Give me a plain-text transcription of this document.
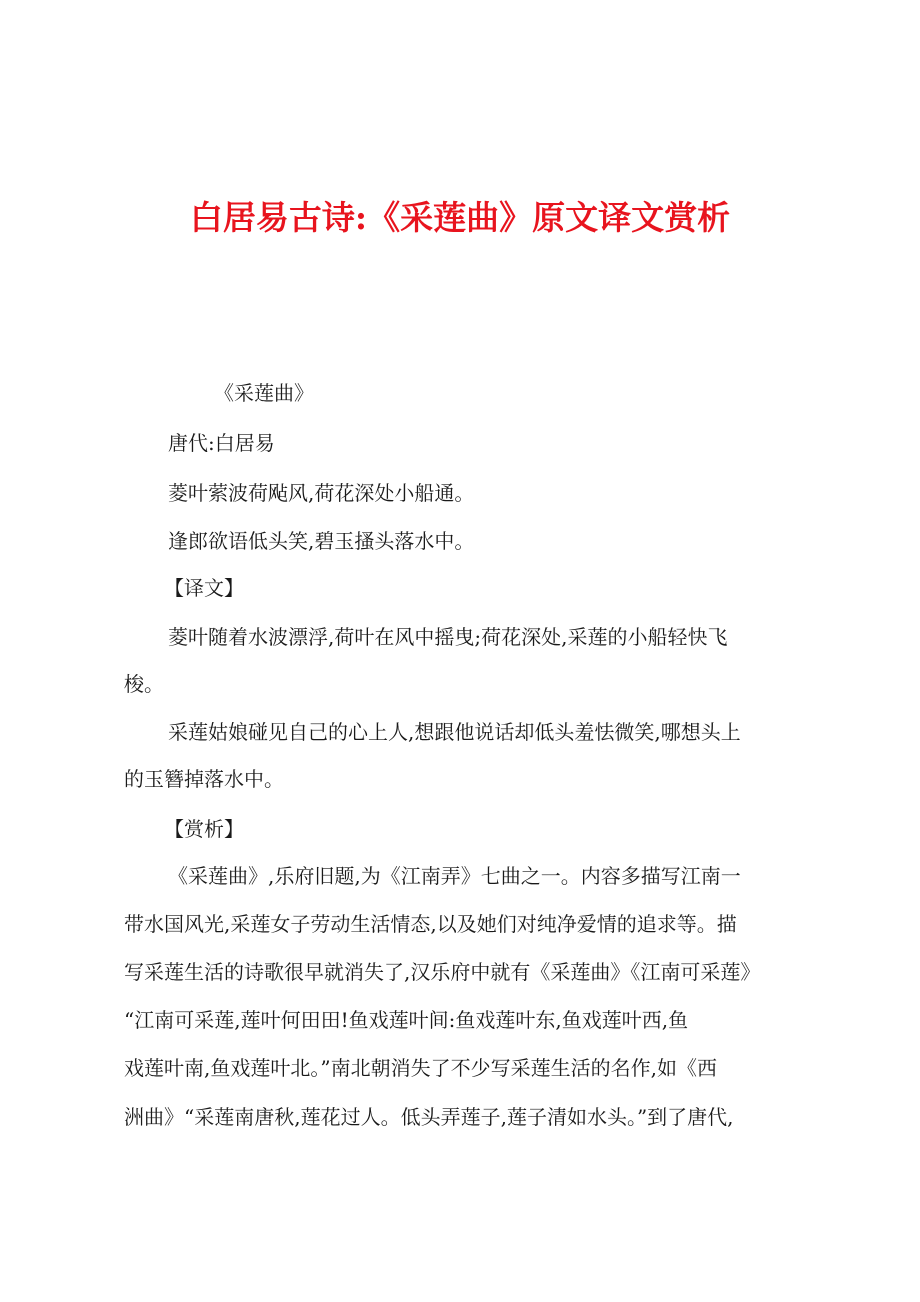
白居易古诗:《采莲曲》原文译文赏析
《采莲曲》
唐代:白居易
菱叶萦波荷飐风,荷花深处小船通。
逢郎欲语低头笑,碧玉搔头落水中。
【译文】
菱叶随着水波漂浮,荷叶在风中摇曳;荷花深处,采莲的小船轻快飞
梭。
采莲姑娘碰见自己的心上人,想跟他说话却低头羞怯微笑,哪想头上
的玉簪掉落水中。
【赏析】
《采莲曲》,乐府旧题,为《江南弄》七曲之一。内容多描写江南一
带水国风光,采莲女子劳动生活情态,以及她们对纯净爱情的追求等。描
写采莲生活的诗歌很早就消失了,汉乐府中就有《采莲曲》《江南可采莲》
“江南可采莲,莲叶何田田!鱼戏莲叶间:鱼戏莲叶东,鱼戏莲叶西,鱼
戏莲叶南,鱼戏莲叶北。”南北朝消失了不少写采莲生活的名作,如《西
洲曲》“采莲南唐秋,莲花过人。低头弄莲子,莲子清如水头。”到了唐代,
